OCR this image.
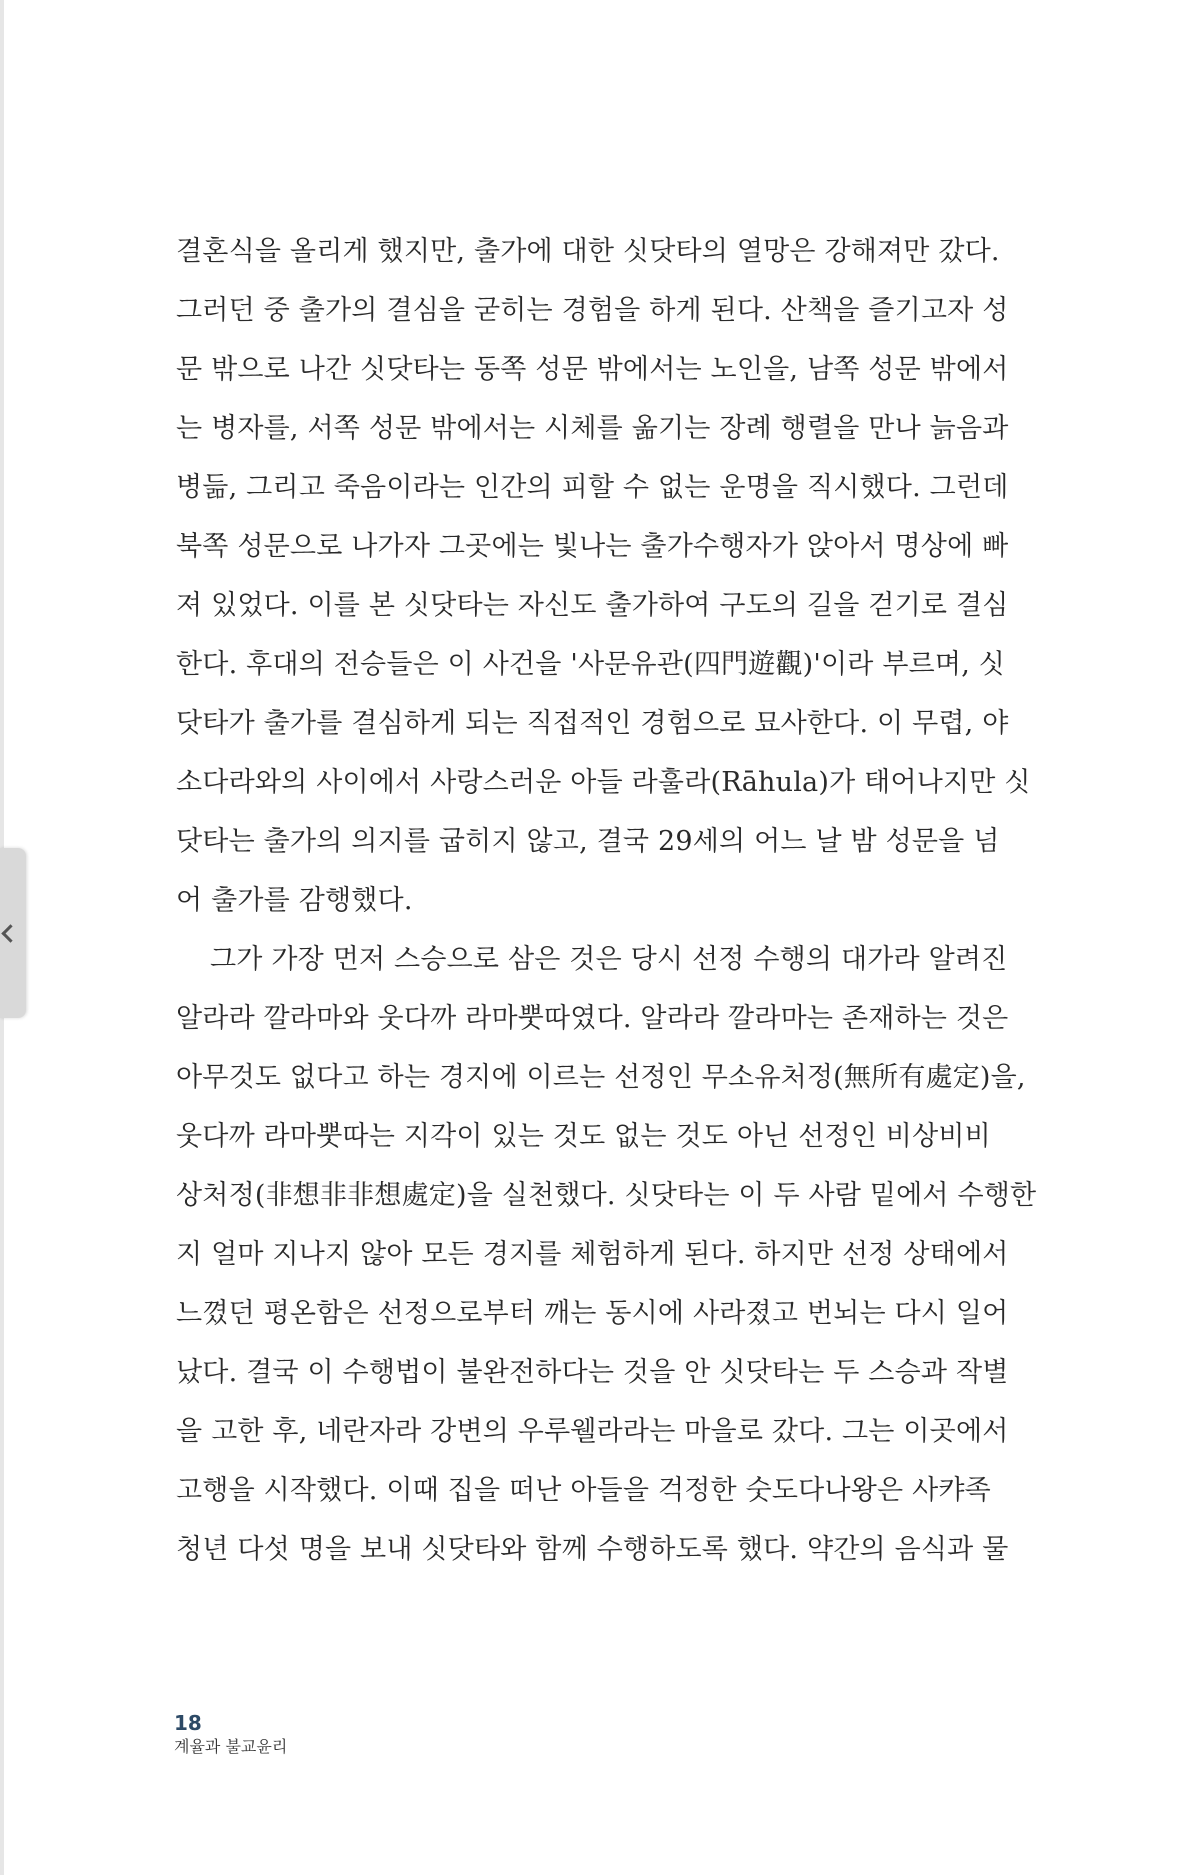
결혼식을 올리게 했지만, 출가에 대한 싯닷타의 열망은 강해져만 갔다.
그러던 중 출가의 결심을 굳히는 경험을 하게 된다. 산책을 즐기고자 성
문 밖으로 나간 싯닷타는 동쪽 성문 밖에서는 노인을, 남쪽 성문 밖에서
는 병자를, 서쪽 성문 밖에서는 시체를 옮기는 장례 행렬을 만나 늙음과
병듦, 그리고 죽음이라는 인간의 피할 수 없는 운명을 직시했다. 그런데
북쪽 성문으로 나가자 그곳에는 빛나는 출가수행자가 앉아서 명상에 빠
져 있었다. 이를 본 싯닷타는 자신도 출가하여 구도의 길을 걷기로 결심
한다. 후대의 전승들은 이 사건을 '사문유관(四門遊觀)'이라 부르며, 싯
닷타가 출가를 결심하게 되는 직접적인 경험으로 묘사한다. 이 무렵, 야
소다라와의 사이에서 사랑스러운 아들 라훌라(Rāhula)가 태어나지만 싯
닷타는 출가의 의지를 굽히지 않고, 결국 29세의 어느 날 밤 성문을 넘
어 출가를 감행했다.
그가 가장 먼저 스승으로 삼은 것은 당시 선정 수행의 대가라 알려진
알라라 깔라마와 웃다까 라마뿟따였다. 알라라 깔라마는 존재하는 것은
아무것도 없다고 하는 경지에 이르는 선정인 무소유처정(無所有處定)을,
웃다까 라마뿟따는 지각이 있는 것도 없는 것도 아닌 선정인 비상비비
상처정(非想非非想處定)을 실천했다. 싯닷타는 이 두 사람 밑에서 수행한
지 얼마 지나지 않아 모든 경지를 체험하게 된다. 하지만 선정 상태에서
느꼈던 평온함은 선정으로부터 깨는 동시에 사라졌고 번뇌는 다시 일어
났다. 결국 이 수행법이 불완전하다는 것을 안 싯닷타는 두 스승과 작별
을 고한 후, 네란자라 강변의 우루웰라라는 마을로 갔다. 그는 이곳에서
고행을 시작했다. 이때 집을 떠난 아들을 걱정한 숫도다나왕은 사캬족
청년 다섯 명을 보내 싯닷타와 함께 수행하도록 했다. 약간의 음식과 물
18
계율과 불교윤리
